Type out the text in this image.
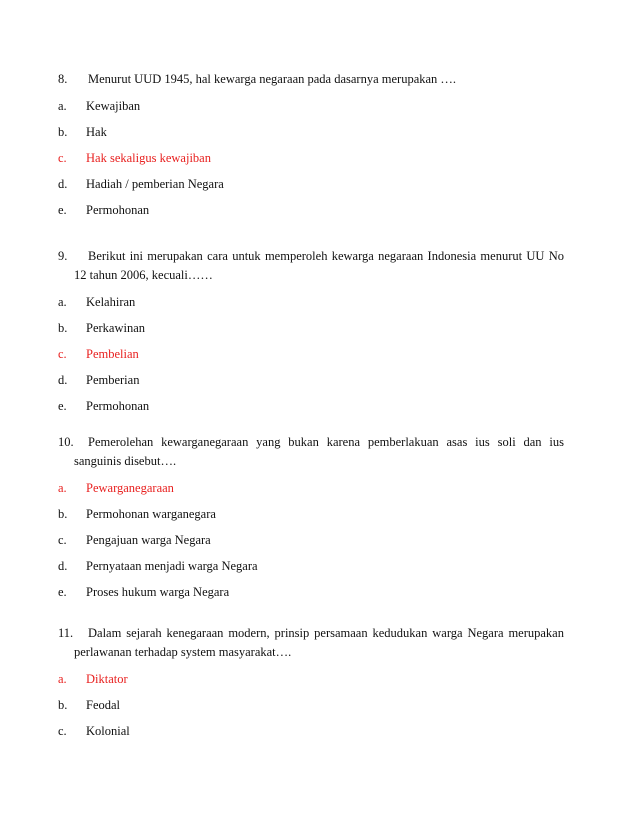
8.	Menurut UUD 1945, hal kewarga negaraan pada dasarnya merupakan ….
a. Kewajiban
b. Hak
c. Hak sekaligus kewajiban
d. Hadiah / pemberian Negara
e. Permohonan
9.	Berikut ini merupakan cara untuk memperoleh kewarga negaraan Indonesia menurut UU No 12 tahun 2006, kecuali……
a. Kelahiran
b. Perkawinan
c. Pembelian
d. Pemberian
e. Permohonan
10.	Pemerolehan kewarganegaraan yang bukan karena pemberlakuan asas ius soli dan ius sanguinis disebut….
a. Pewarganegaraan
b. Permohonan warganegara
c. Pengajuan warga Negara
d. Pernyataan menjadi warga Negara
e. Proses hukum warga Negara
11.	Dalam sejarah kenegaraan modern, prinsip persamaan kedudukan warga Negara merupakan perlawanan terhadap system masyarakat….
a. Diktator
b. Feodal
c. Kolonial
